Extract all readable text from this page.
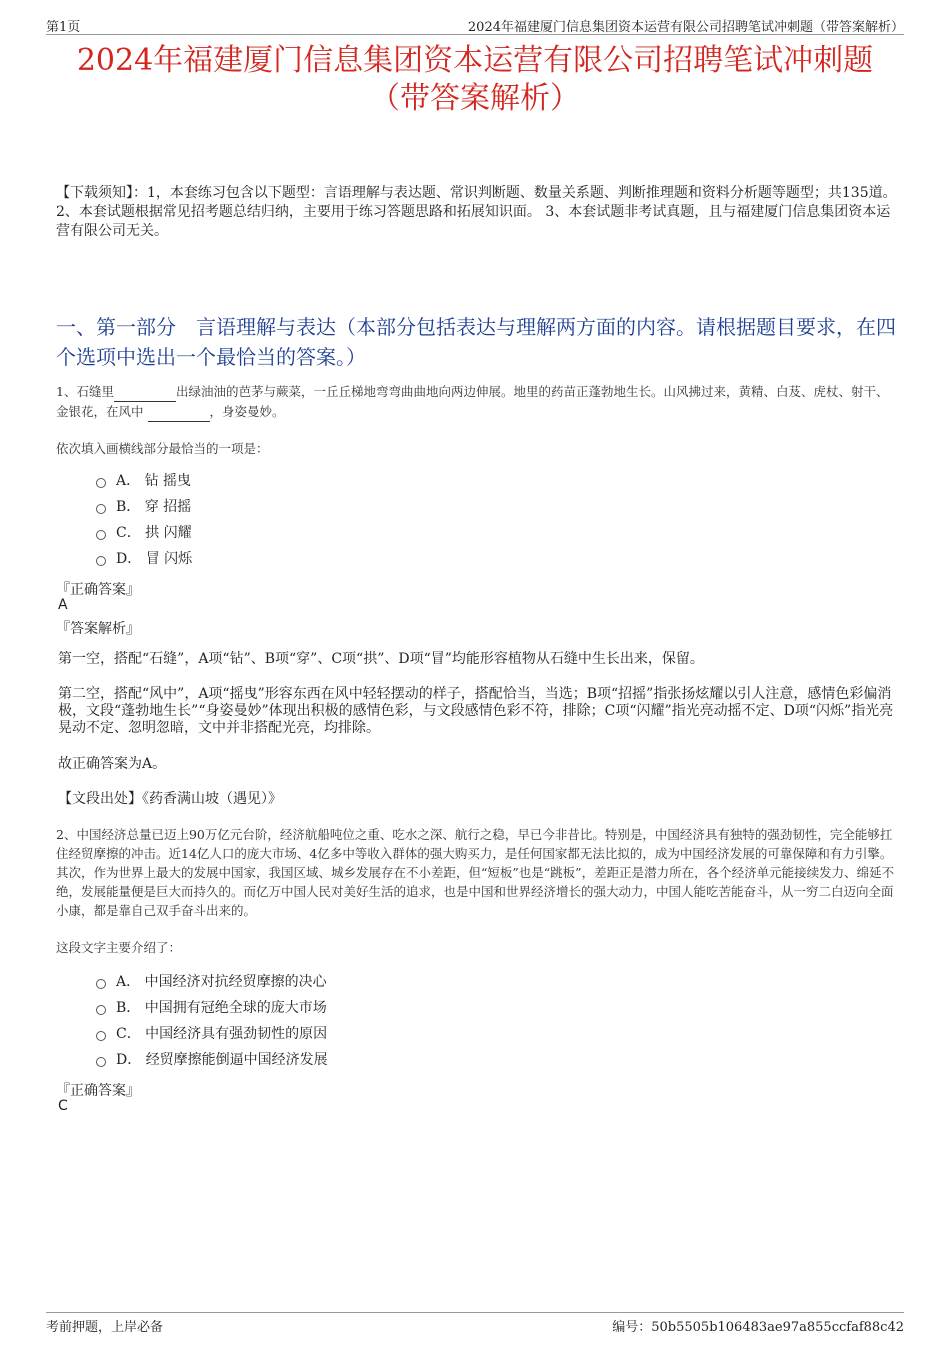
第1页	2024年福建厦门信息集团资本运营有限公司招聘笔试冲刺题（带答案解析）
2024年福建厦门信息集团资本运营有限公司招聘笔试冲刺题
（带答案解析）
【下载须知】：1，本套练习包含以下题型：言语理解与表达题、常识判断题、数量关系题、判断推理题和资料分析题等题型；共135道。 2、本套试题根据常见招考题总结归纳，主要用于练习答题思路和拓展知识面。 3、本套试题非考试真题，且与福建厦门信息集团资本运营有限公司无关。
一、第一部分　言语理解与表达（本部分包括表达与理解两方面的内容。请根据题目要求，在四个选项中选出一个最恰当的答案。）
1、石缝里	出绿油油的芭茅与蕨菜，一丘丘梯地弯弯曲曲地向两边伸展。地里的药苗正蓬勃地生长。山风拂过来，黄精、白芨、虎杖、射干、金银花，在风中	，身姿曼妙。
依次填入画横线部分最恰当的一项是：
A． 钻 摇曳
B． 穿 招摇
C． 拱 闪耀
D． 冒 闪烁
『正确答案』
A
『答案解析』
第一空，搭配“石缝”，A项“钻”、B项“穿”、C项“拱”、D项“冒”均能形容植物从石缝中生长出来，保留。
第二空，搭配“风中”，A项“摇曳”形容东西在风中轻轻摆动的样子，搭配恰当，当选；B项“招摇”指张扬炫耀以引人注意，感情色彩偏消极，文段“蓬勃地生长”“身姿曼妙”体现出积极的感情色彩，与文段感情色彩不符，排除；C项“闪耀”指光亮动摇不定、D项“闪烁”指光亮晃动不定、忽明忽暗，文中并非搭配光亮，均排除。
故正确答案为A。
【文段出处】《药香满山坡（遇见）》
2、中国经济总量已迈上90万亿元台阶，经济航船吨位之重、吃水之深、航行之稳，早已今非昔比。特别是，中国经济具有独特的强劲韧性，完全能够扛住经贸摩擦的冲击。近14亿人口的庞大市场、4亿多中等收入群体的强大购买力，是任何国家都无法比拟的，成为中国经济发展的可靠保障和有力引擎。其次，作为世界上最大的发展中国家，我国区域、城乡发展存在不小差距，但“短板”也是“跳板”，差距正是潜力所在，各个经济单元能接续发力、绵延不绝，发展能量便是巨大而持久的。而亿万中国人民对美好生活的追求，也是中国和世界经济增长的强大动力，中国人能吃苦能奋斗，从一穷二白迈向全面小康，都是靠自己双手奋斗出来的。
这段文字主要介绍了：
A． 中国经济对抗经贸摩擦的决心
B． 中国拥有冠绝全球的庞大市场
C． 中国经济具有强劲韧性的原因
D． 经贸摩擦能倒逼中国经济发展
『正确答案』
C
考前押题，上岸必备	编号：50b5505b106483ae97a855ccfaf88c42
